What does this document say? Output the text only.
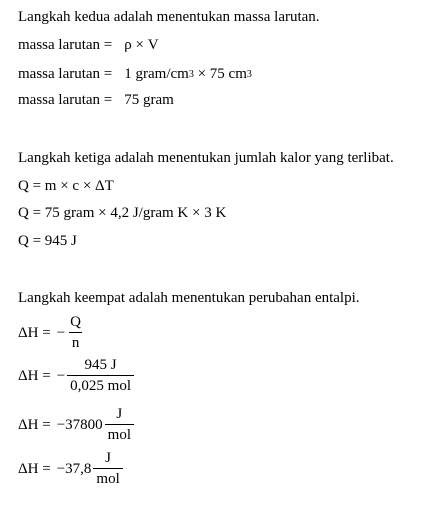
Langkah kedua adalah menentukan massa larutan.
massa larutan = ρ × V
massa larutan = 1 gram/cm 3 × 75 cm 3
massa larutan = 75 gram
Langkah ketiga adalah menentukan jumlah kalor yang terlibat.
Q = m × c × ΔT
Q = 75 gram × 4,2 J/gram K × 3 K
Q = 945 J
Langkah keempat adalah menentukan perubahan entalpi.
ΔH = − $\frac{Q}{n}$
ΔH = − $\frac{945 J}{\text{0,025 mol}}$
$\Delta H = -37800 \frac{J}{\text{mol}}$
$\Delta H = -37,8 \frac{J}{\text{mol}}$
